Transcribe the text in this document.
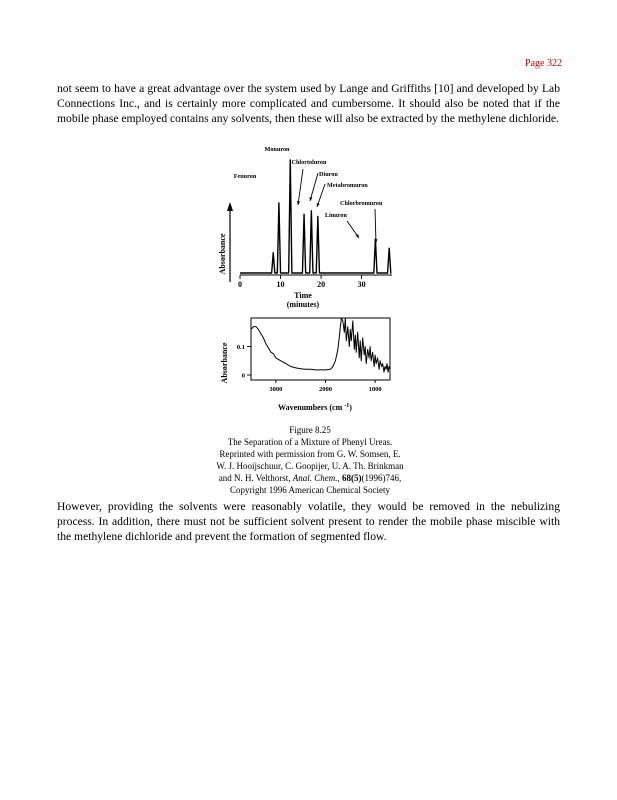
Page 322

not seem to have a great advantage over the system used by Lange and Griffiths [10] and developed by Lab Connections Inc., and is certainly more complicated and cumbersome. It should also be noted that if the mobile phase employed contains any solvents, then these will also be extracted by the methylene dichloride.

0	10	20	30
Fenuron
Monuron
Chlortoluron
Diuron
Metabromuron
Linuron
Chlorbromuron
Absorbance
Time
(minutes)
0
0.1
3000	2000	1000
Absorbance
Wavenumbers (cm $^{-1}$)
Figure 8.25
The Separation of a Mixture of Phenyl Ureas.
Reprinted with permission from G. W. Somsen, E.
W. J. Hooijschuur, C. Goopijer, U. A. Th. Brinkman
and N. H. Velthorst, Anal. Chem., 68(5)(1996)746,
Copyright 1996 American Chemical Society

However, providing the solvents were reasonably volatile, they would be removed in the nebulizing process. In addition, there must not be sufficient solvent present to render the mobile phase miscible with the methylene dichloride and prevent the formation of segmented flow.
